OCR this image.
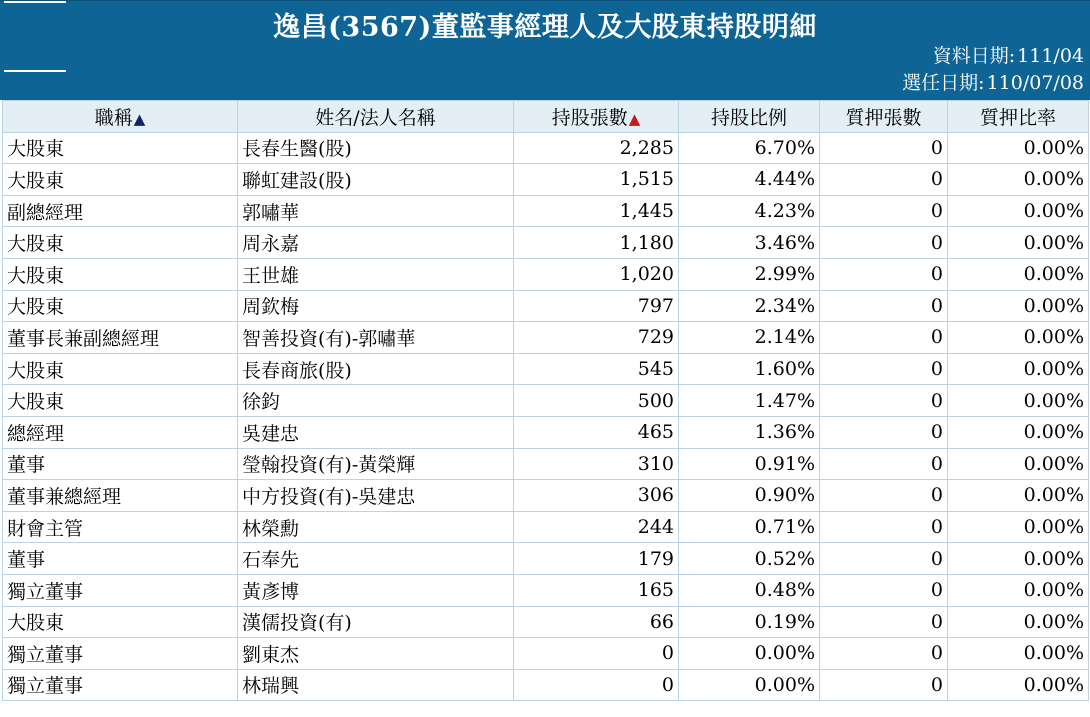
逸昌(3567)董監事經理人及大股東持股明細
資料日期: 111/04
選任日期: 110/07/08
職稱▲	姓名/法人名稱	持股張數▲	持股比例	質押張數	質押比率
大股東	長春生醫(股)	2,285	6.70%	0	0.00%
大股東	聯虹建設(股)	1,515	4.44%	0	0.00%
副總經理	郭嘯華	1,445	4.23%	0	0.00%
大股東	周永嘉	1,180	3.46%	0	0.00%
大股東	王世雄	1,020	2.99%	0	0.00%
大股東	周欽梅	797	2.34%	0	0.00%
董事長兼副總經理	智善投資(有)-郭嘯華	729	2.14%	0	0.00%
大股東	長春商旅(股)	545	1.60%	0	0.00%
大股東	徐鈞	500	1.47%	0	0.00%
總經理	吳建忠	465	1.36%	0	0.00%
董事	瑩翰投資(有)-黃榮輝	310	0.91%	0	0.00%
董事兼總經理	中方投資(有)-吳建忠	306	0.90%	0	0.00%
財會主管	林榮勳	244	0.71%	0	0.00%
董事	石奉先	179	0.52%	0	0.00%
獨立董事	黃彥博	165	0.48%	0	0.00%
大股東	漢儒投資(有)	66	0.19%	0	0.00%
獨立董事	劉東杰	0	0.00%	0	0.00%
獨立董事	林瑞興	0	0.00%	0	0.00%
